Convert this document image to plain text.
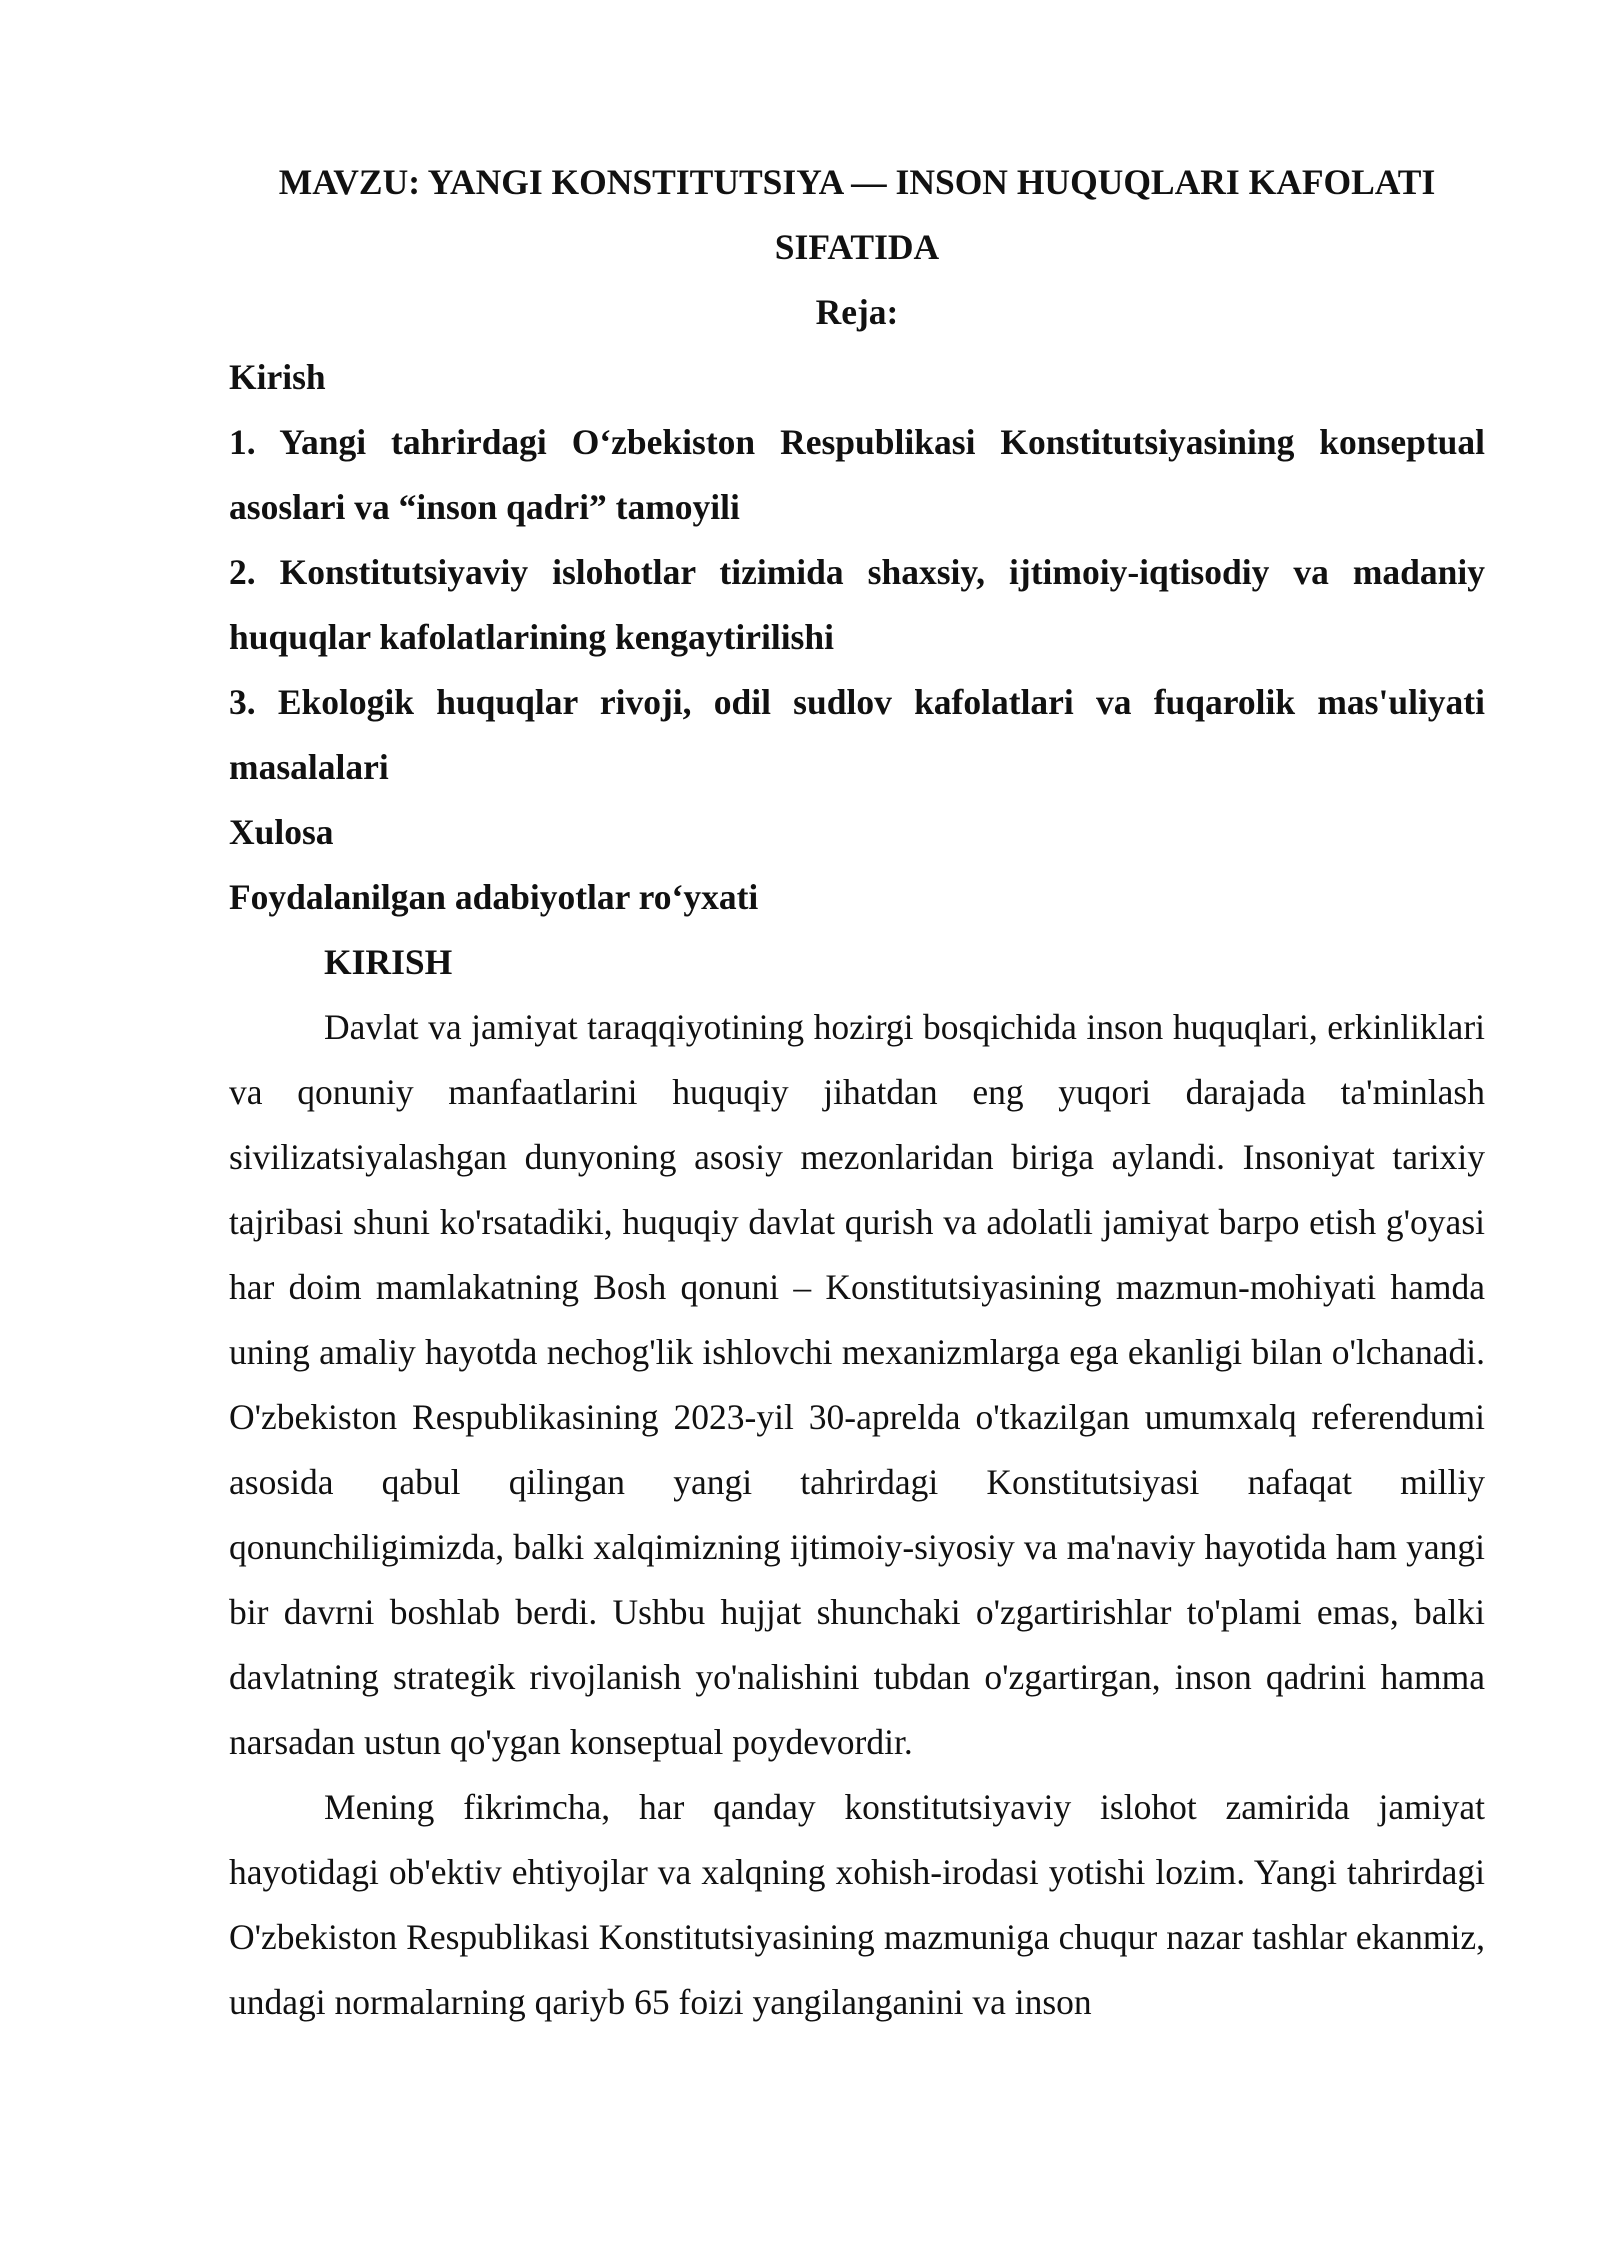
MAVZU: YANGI KONSTITUTSIYA — INSON HUQUQLARI KAFOLATI
SIFATIDA

Reja:

Kirish

1. Yangi tahrirdagi O‘zbekiston Respublikasi Konstitutsiyasining konseptual asoslari va “inson qadri” tamoyili

2. Konstitutsiyaviy islohotlar tizimida shaxsiy, ijtimoiy-iqtisodiy va madaniy huquqlar kafolatlarining kengaytirilishi

3. Ekologik huquqlar rivoji, odil sudlov kafolatlari va fuqarolik mas'uliyati masalalari

Xulosa

Foydalanilgan adabiyotlar ro‘yxati

KIRISH

Davlat va jamiyat taraqqiyotining hozirgi bosqichida inson huquqlari, erkinliklari va qonuniy manfaatlarini huquqiy jihatdan eng yuqori darajada ta'minlash sivilizatsiyalashgan dunyoning asosiy mezonlaridan biriga aylandi. Insoniyat tarixiy tajribasi shuni ko'rsatadiki, huquqiy davlat qurish va adolatli jamiyat barpo etish g'oyasi har doim mamlakatning Bosh qonuni – Konstitutsiyasining mazmun-mohiyati hamda uning amaliy hayotda nechog'lik ishlovchi mexanizmlarga ega ekanligi bilan o'lchanadi. O'zbekiston Respublikasining 2023-yil 30-aprelda o'tkazilgan umumxalq referendumi asosida qabul qilingan yangi tahrirdagi Konstitutsiyasi nafaqat milliy qonunchiligimizda, balki xalqimizning ijtimoiy-siyosiy va ma'naviy hayotida ham yangi bir davrni boshlab berdi. Ushbu hujjat shunchaki o'zgartirishlar to'plami emas, balki davlatning strategik rivojlanish yo'nalishini tubdan o'zgartirgan, inson qadrini hamma narsadan ustun qo'ygan konseptual poydevordir.

Mening fikrimcha, har qanday konstitutsiyaviy islohot zamirida jamiyat hayotidagi ob'ektiv ehtiyojlar va xalqning xohish-irodasi yotishi lozim. Yangi tahrirdagi O'zbekiston Respublikasi Konstitutsiyasining mazmuniga chuqur nazar tashlar ekanmiz, undagi normalarning qariyb 65 foizi yangilanganini va inson
